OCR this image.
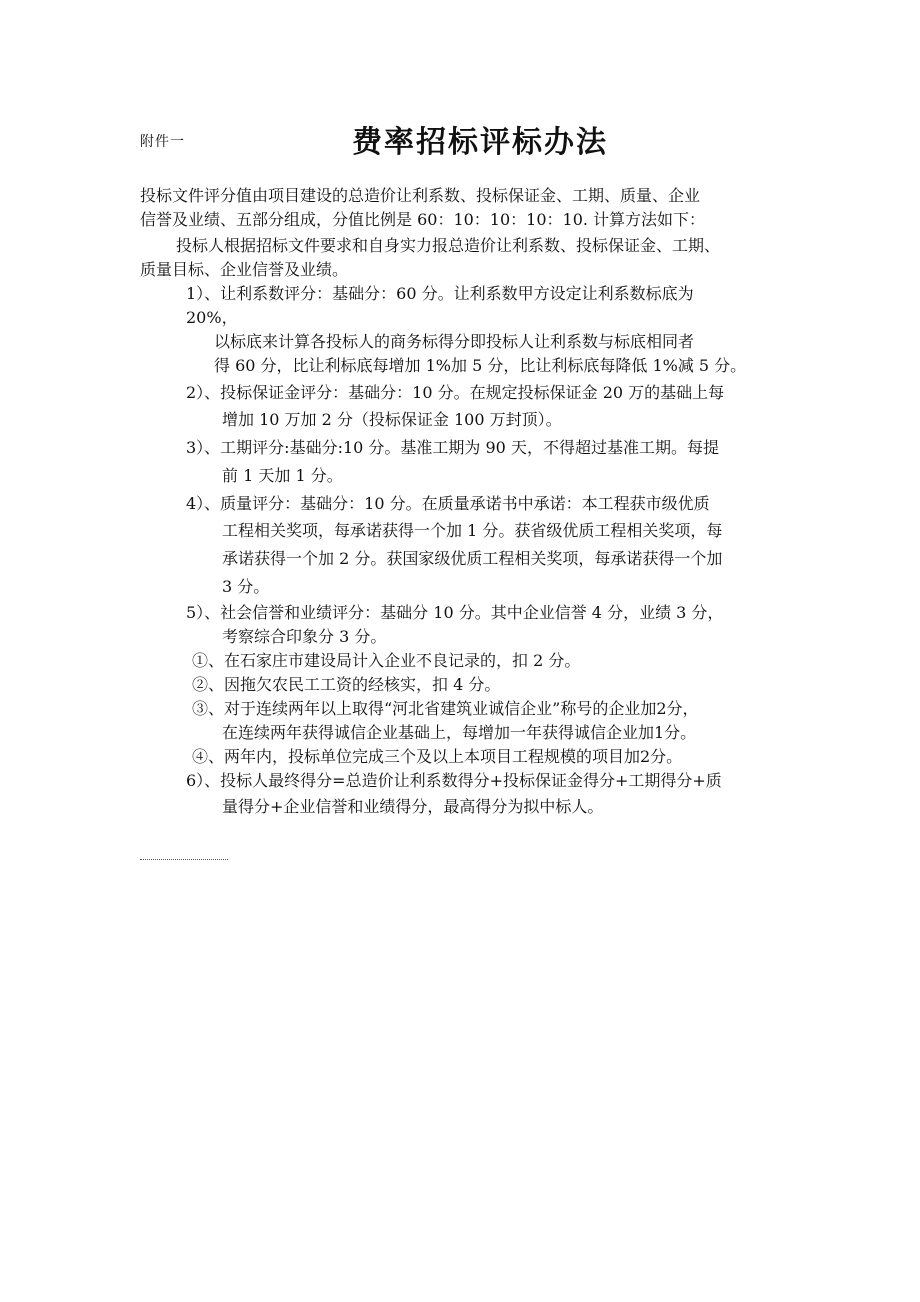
附件一	费率招标评标办法
投标文件评分值由项目建设的总造价让利系数、投标保证金、工期、质量、企业
信誉及业绩、五部分组成，分值比例是 60：10：10：10：10. 计算方法如下：
投标人根据招标文件要求和自身实力报总造价让利系数、投标保证金、工期、
质量目标、企业信誉及业绩。
1）、让利系数评分：基础分：60 分。让利系数甲方设定让利系数标底为
20%，
以标底来计算各投标人的商务标得分即投标人让利系数与标底相同者
得 60 分，比让利标底每增加 1%加 5 分，比让利标底每降低 1%减 5 分。
2）、投标保证金评分：基础分：10 分。在规定投标保证金 20 万的基础上每
增加 10 万加 2 分（投标保证金 100 万封顶）。
3）、工期评分:基础分:10 分。基准工期为 90 天，不得超过基准工期。每提
前 1 天加 1 分。
4）、质量评分：基础分：10 分。在质量承诺书中承诺：本工程获市级优质
工程相关奖项，每承诺获得一个加 1 分。获省级优质工程相关奖项，每
承诺获得一个加 2 分。获国家级优质工程相关奖项，每承诺获得一个加
3 分。
5）、社会信誉和业绩评分：基础分 10 分。其中企业信誉 4 分，业绩 3 分，
考察综合印象分 3 分。
①、在石家庄市建设局计入企业不良记录的，扣 2 分。
②、因拖欠农民工工资的经核实，扣 4 分。
③、对于连续两年以上取得“河北省建筑业诚信企业”称号的企业加2分，
在连续两年获得诚信企业基础上，每增加一年获得诚信企业加1分。
④、两年内，投标单位完成三个及以上本项目工程规模的项目加2分。
6）、投标人最终得分=总造价让利系数得分+投标保证金得分+工期得分+质
量得分+企业信誉和业绩得分，最高得分为拟中标人。
